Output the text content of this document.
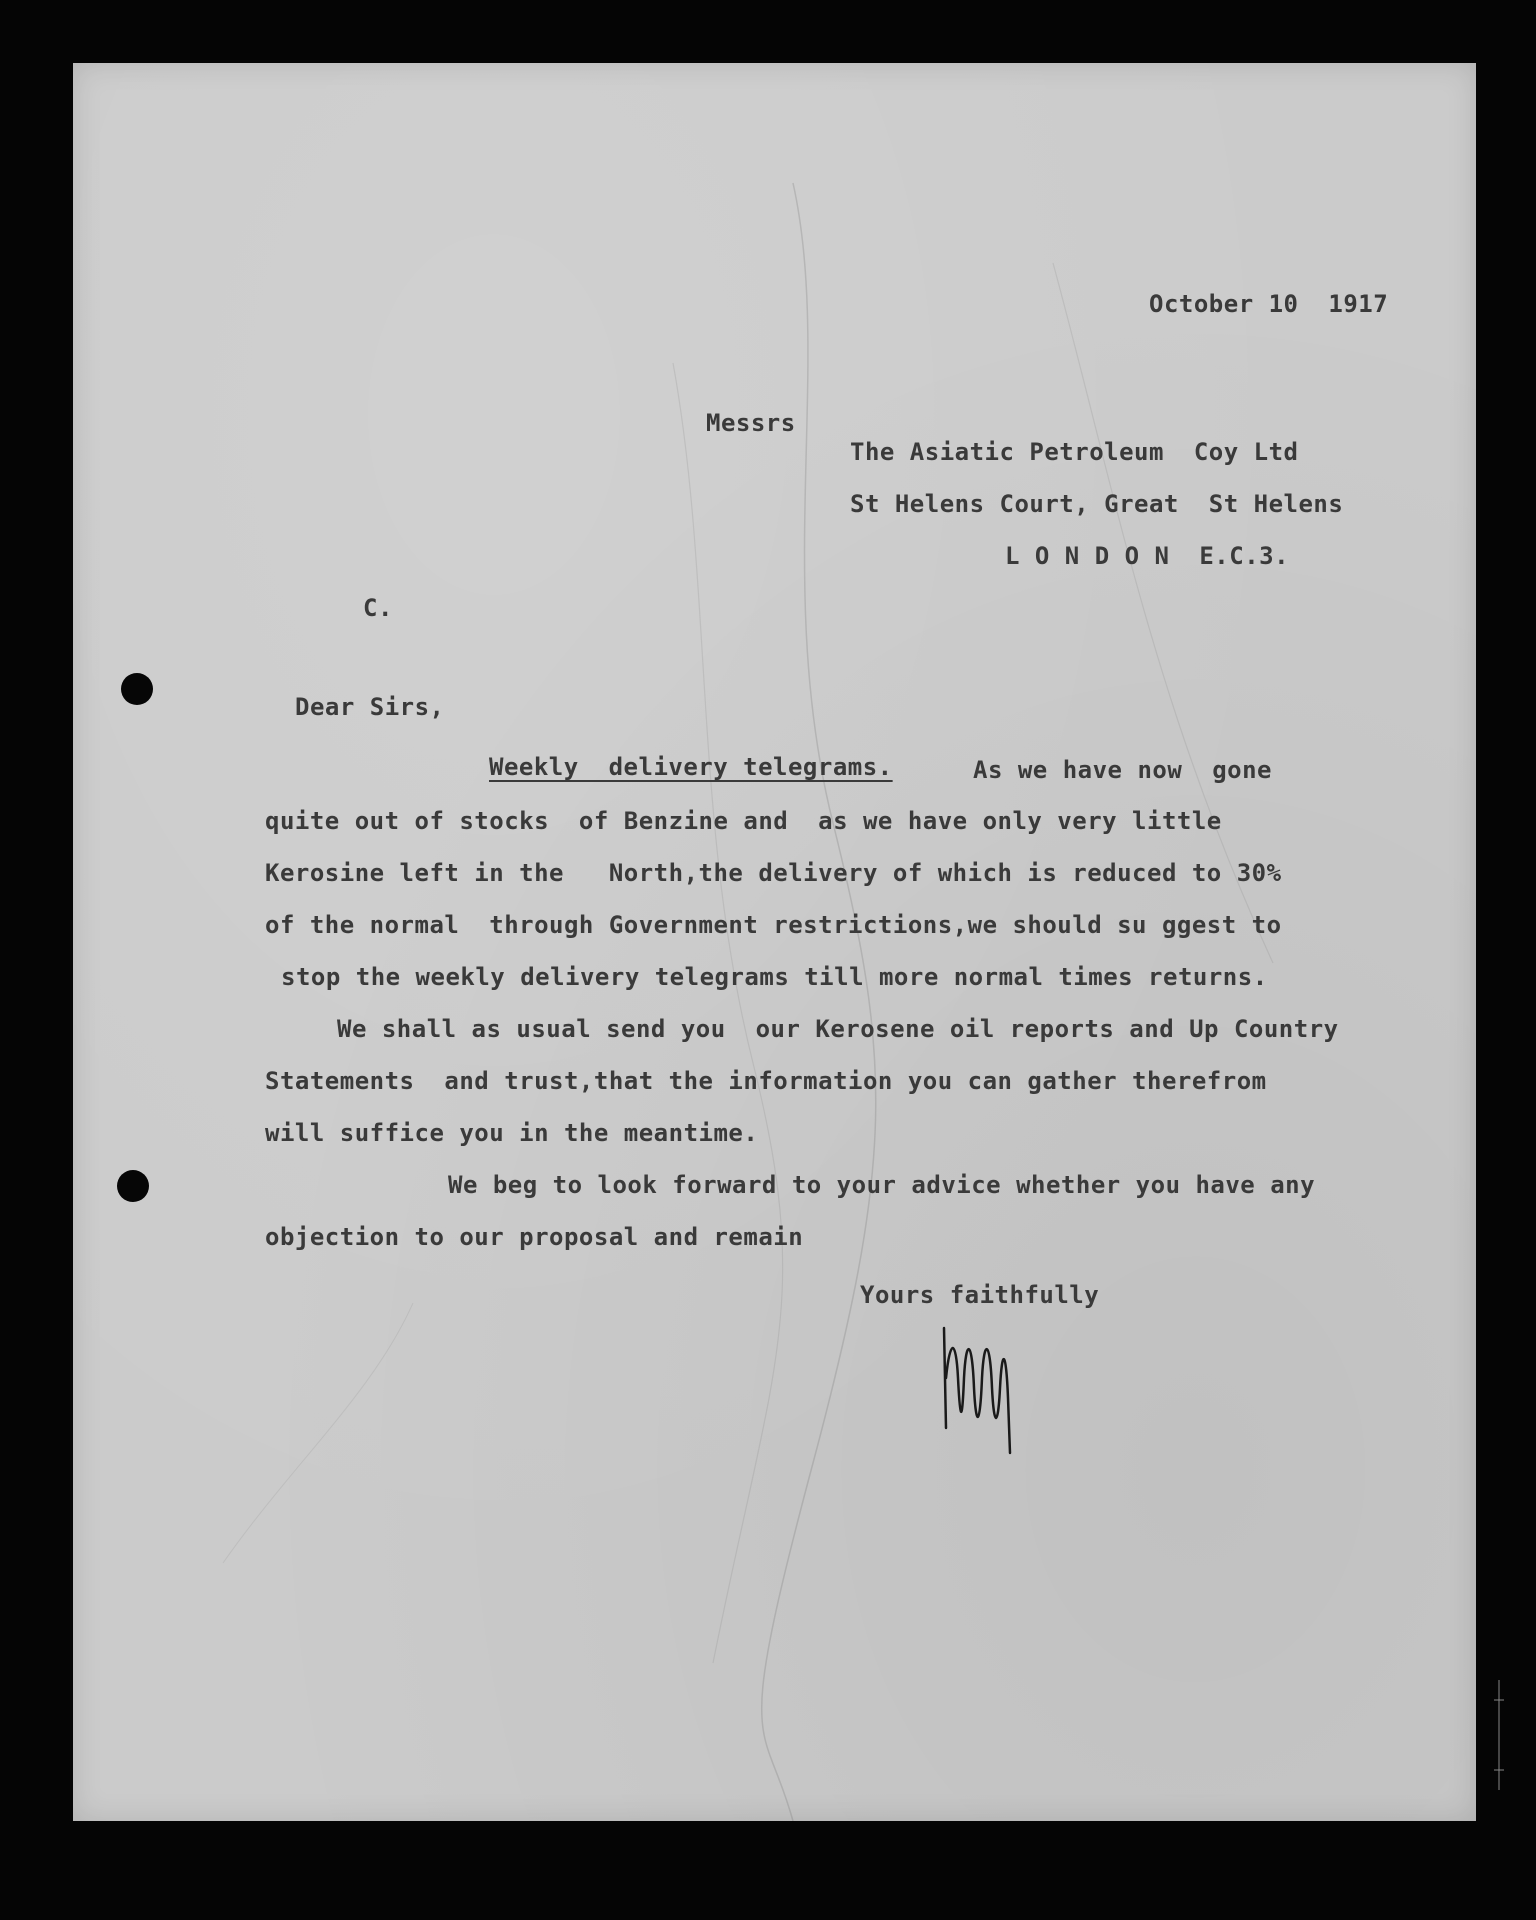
October 10  1917

Messrs

The Asiatic Petroleum  Coy Ltd

St Helens Court, Great  St Helens

L O N D O N  E.C.3.

C.

Dear Sirs,

Weekly  delivery telegrams.	As we have now  gone

quite out of stocks  of Benzine and  as we have only very little

Kerosine left in the   North,the delivery of which is reduced to 30%

of the normal  through Government restrictions,we should su ggest to

stop the weekly delivery telegrams till more normal times returns.

We shall as usual send you  our Kerosene oil reports and Up Country

Statements  and trust,that the information you can gather therefrom

will suffice you in the meantime.

We beg to look forward to your advice whether you have any

objection to our proposal and remain

Yours faithfully
